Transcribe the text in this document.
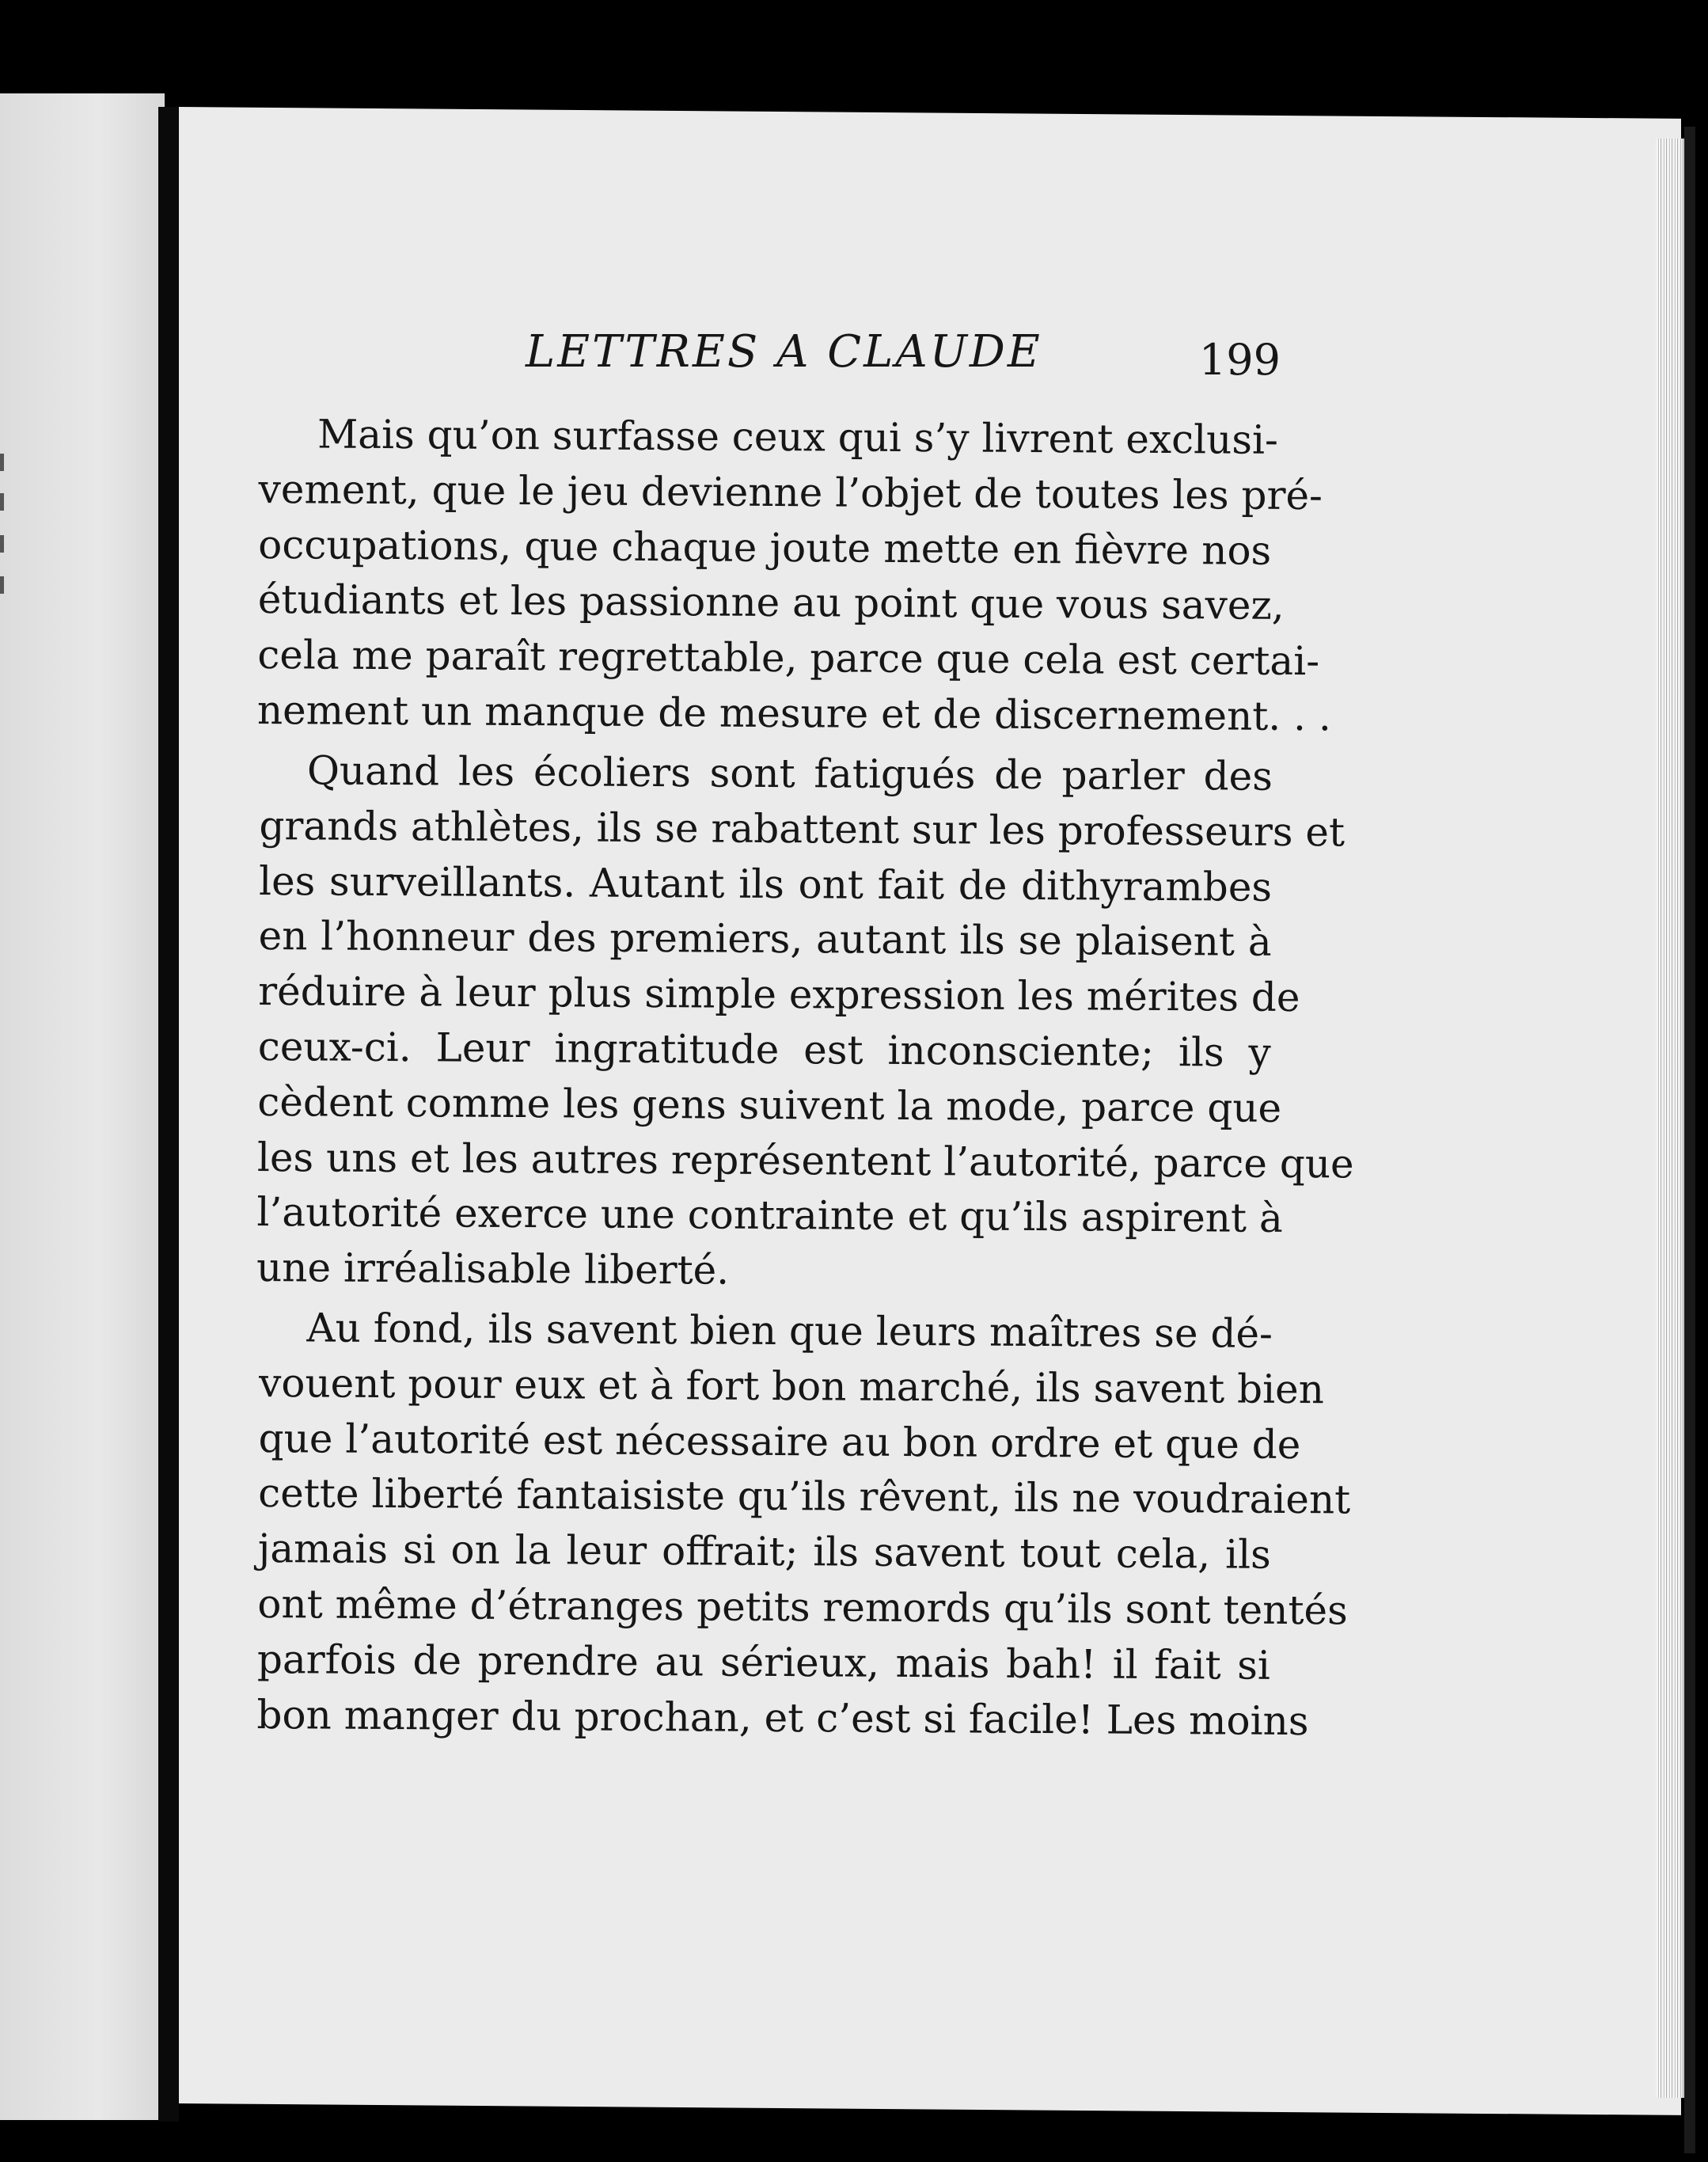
LETTRES A CLAUDE	199

Mais qu’on surfasse ceux qui s’y livrent exclusi-
vement, que le jeu devienne l’objet de toutes les pré-
occupations, que chaque joute mette en fièvre nos
étudiants et les passionne au point que vous savez,
cela me paraît regrettable, parce que cela est certai-
nement un manque de mesure et de discernement. . .

Quand les écoliers sont fatigués de parler des
grands athlètes, ils se rabattent sur les professeurs et
les surveillants. Autant ils ont fait de dithyrambes
en l’honneur des premiers, autant ils se plaisent à
réduire à leur plus simple expression les mérites de
ceux-ci. Leur ingratitude est inconsciente; ils y
cèdent comme les gens suivent la mode, parce que
les uns et les autres représentent l’autorité, parce que
l’autorité exerce une contrainte et qu’ils aspirent à
une irréalisable liberté.

Au fond, ils savent bien que leurs maîtres se dé-
vouent pour eux et à fort bon marché, ils savent bien
que l’autorité est nécessaire au bon ordre et que de
cette liberté fantaisiste qu’ils rêvent, ils ne voudraient
jamais si on la leur offrait; ils savent tout cela, ils
ont même d’étranges petits remords qu’ils sont tentés
parfois de prendre au sérieux, mais bah! il fait si
bon manger du prochan, et c’est si facile! Les moins
